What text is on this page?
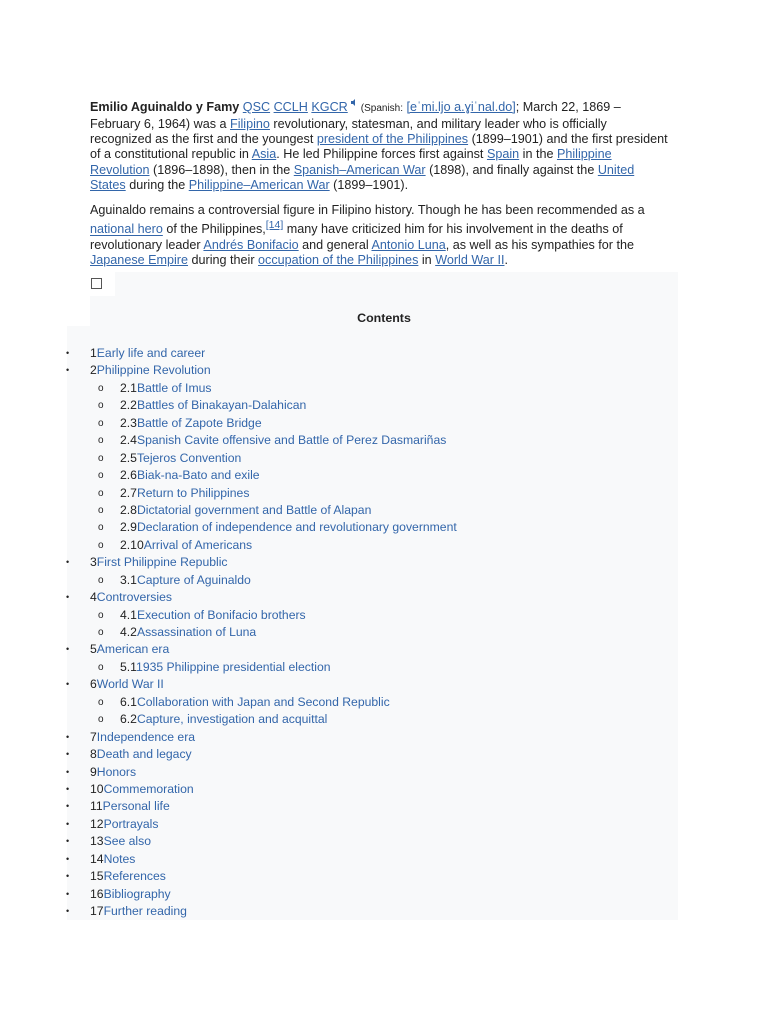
Emilio Aguinaldo y Famy QSC CCLH KGCR (Spanish: [eˈmi.ljo a.ɣiˈnal.do]; March 22, 1869 – February 6, 1964) was a Filipino revolutionary, statesman, and military leader who is officially recognized as the first and the youngest president of the Philippines (1899–1901) and the first president of a constitutional republic in Asia. He led Philippine forces first against Spain in the Philippine Revolution (1896–1898), then in the Spanish–American War (1898), and finally against the United States during the Philippine–American War (1899–1901).

Aguinaldo remains a controversial figure in Filipino history. Though he has been recommended as a national hero of the Philippines,[14] many have criticized him for his involvement in the deaths of revolutionary leader Andrés Bonifacio and general Antonio Luna, as well as his sympathies for the Japanese Empire during their occupation of the Philippines in World War II.

Contents
• 1Early life and career
• 2Philippine Revolution
o 2.1Battle of Imus
o 2.2Battles of Binakayan-Dalahican
o 2.3Battle of Zapote Bridge
o 2.4Spanish Cavite offensive and Battle of Perez Dasmariñas
o 2.5Tejeros Convention
o 2.6Biak-na-Bato and exile
o 2.7Return to Philippines
o 2.8Dictatorial government and Battle of Alapan
o 2.9Declaration of independence and revolutionary government
o 2.10Arrival of Americans
• 3First Philippine Republic
o 3.1Capture of Aguinaldo
• 4Controversies
o 4.1Execution of Bonifacio brothers
o 4.2Assassination of Luna
• 5American era
o 5.11935 Philippine presidential election
• 6World War II
o 6.1Collaboration with Japan and Second Republic
o 6.2Capture, investigation and acquittal
• 7Independence era
• 8Death and legacy
• 9Honors
• 10Commemoration
• 11Personal life
• 12Portrayals
• 13See also
• 14Notes
• 15References
• 16Bibliography
• 17Further reading
